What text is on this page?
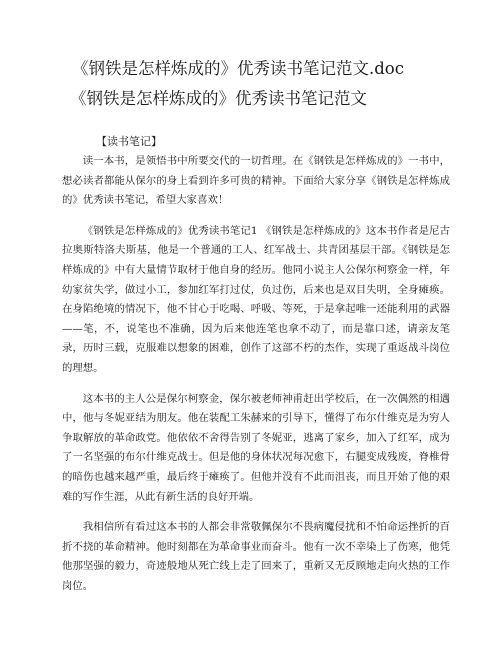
《钢铁是怎样炼成的》优秀读书笔记范文.doc
《钢铁是怎样炼成的》优秀读书笔记范文
【读书笔记】

读一本书，是领悟书中所要交代的一切哲理。在《钢铁是怎样炼成的》一书中，想必读者都能从保尔的身上看到许多可贵的精神。下面给大家分享《钢铁是怎样炼成的》优秀读书笔记，希望大家喜欢！

《钢铁是怎样炼成的》优秀读书笔记1 《钢铁是怎样炼成的》这本书作者是尼古拉奥斯特洛夫斯基，他是一个普通的工人、红军战士、共青团基层干部。《钢铁是怎样炼成的》中有大量情节取材于他自身的经历。他同小说主人公保尔柯察金一样，年幼家贫失学，做过小工，参加红军打过仗，负过伤，后来也是双目失明，全身瘫痪。在身陷绝境的情况下，他不甘心于吃喝、呼吸、等死，于是拿起唯一还能利用的武器——笔，不，说笔也不准确，因为后来他连笔也拿不动了，而是靠口述，请亲友笔录，历时三载，克服难以想象的困难，创作了这部不朽的杰作，实现了重返战斗岗位的理想。

这本书的主人公是保尔柯察金，保尔被老师神甫赶出学校后，在一次偶然的相遇中，他与冬妮亚结为朋友。他在装配工朱赫来的引导下，懂得了布尔什维克是为穷人争取解放的革命政党。他依依不舍得告别了冬妮亚，逃离了家乡，加入了红军，成为了一名坚强的布尔什维克战士。但是他的身体状况每况愈下，右腿变成残废，脊椎骨的暗伤也越来越严重，最后终于瘫痪了。但他并没有不此而沮丧，而且开始了他的艰难的写作生涯，从此有新生活的良好开端。

我相信所有看过这本书的人都会非常敬佩保尔不畏病魔侵扰和不怕命运挫折的百折不挠的革命精神。他时刻都在为革命事业而奋斗。他有一次不幸染上了伤寒，他凭他那坚强的毅力，奇迹般地从死亡线上走了回来了，重新又无反顾地走向火热的工作岗位。
